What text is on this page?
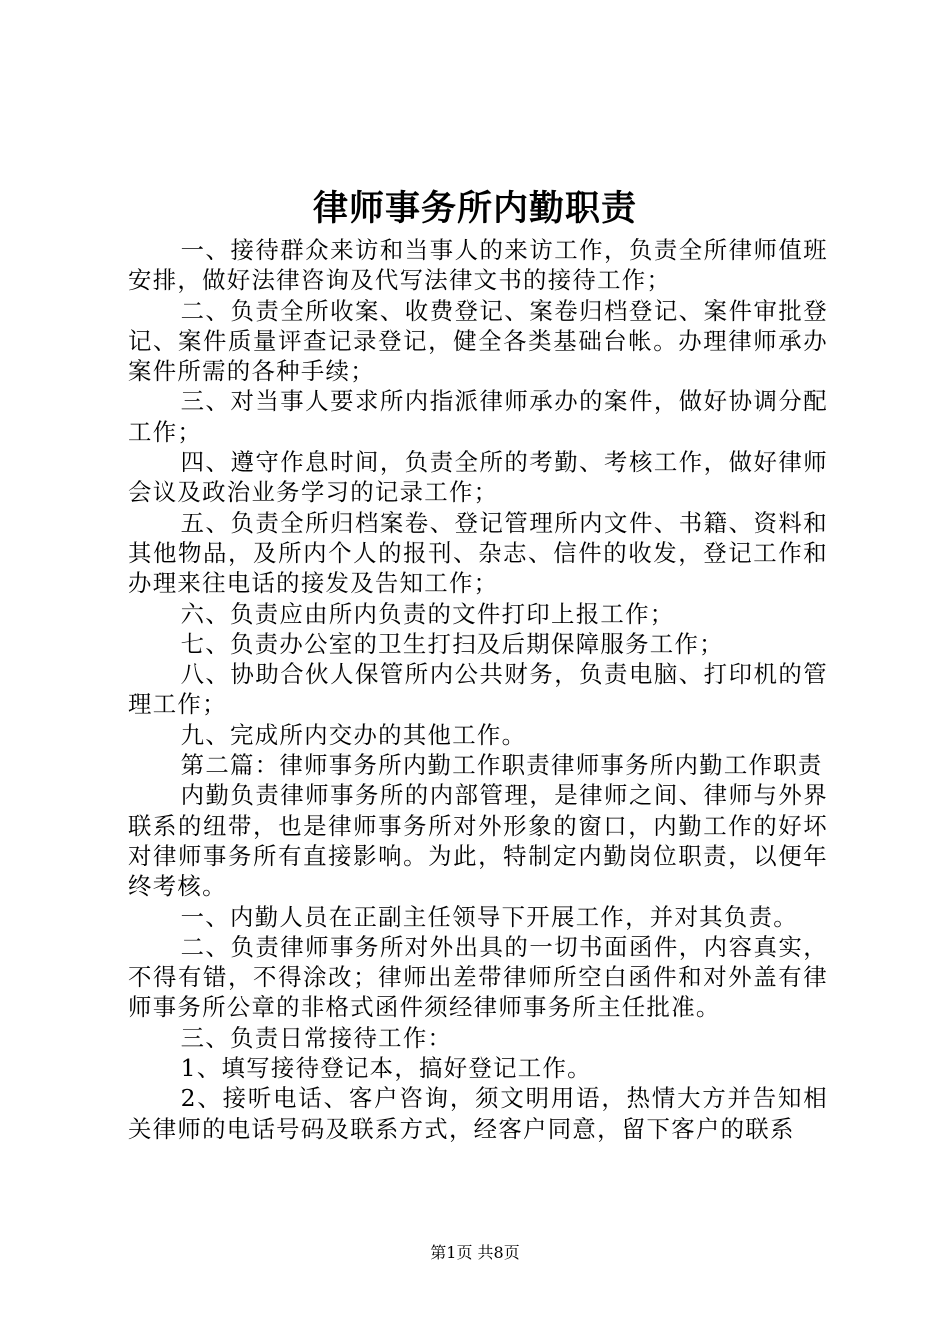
律师事务所内勤职责

一、接待群众来访和当事人的来访工作，负责全所律师值班安排，做好法律咨询及代写法律文书的接待工作；

二、负责全所收案、收费登记、案卷归档登记、案件审批登记、案件质量评查记录登记，健全各类基础台帐。办理律师承办案件所需的各种手续；

三、对当事人要求所内指派律师承办的案件，做好协调分配工作；

四、遵守作息时间，负责全所的考勤、考核工作，做好律师会议及政治业务学习的记录工作；

五、负责全所归档案卷、登记管理所内文件、书籍、资料和其他物品，及所内个人的报刊、杂志、信件的收发，登记工作和办理来往电话的接发及告知工作；

六、负责应由所内负责的文件打印上报工作；

七、负责办公室的卫生打扫及后期保障服务工作；

八、协助合伙人保管所内公共财务，负责电脑、打印机的管理工作；

九、完成所内交办的其他工作。

第二篇：律师事务所内勤工作职责律师事务所内勤工作职责

内勤负责律师事务所的内部管理，是律师之间、律师与外界联系的纽带，也是律师事务所对外形象的窗口，内勤工作的好坏对律师事务所有直接影响。为此，特制定内勤岗位职责，以便年终考核。

一、内勤人员在正副主任领导下开展工作，并对其负责。

二、负责律师事务所对外出具的一切书面函件，内容真实，不得有错，不得涂改；律师出差带律师所空白函件和对外盖有律师事务所公章的非格式函件须经律师事务所主任批准。

三、负责日常接待工作：

1、填写接待登记本，搞好登记工作。

2、接听电话、客户咨询，须文明用语，热情大方并告知相关律师的电话号码及联系方式，经客户同意，留下客户的联系

第1页 共8页
